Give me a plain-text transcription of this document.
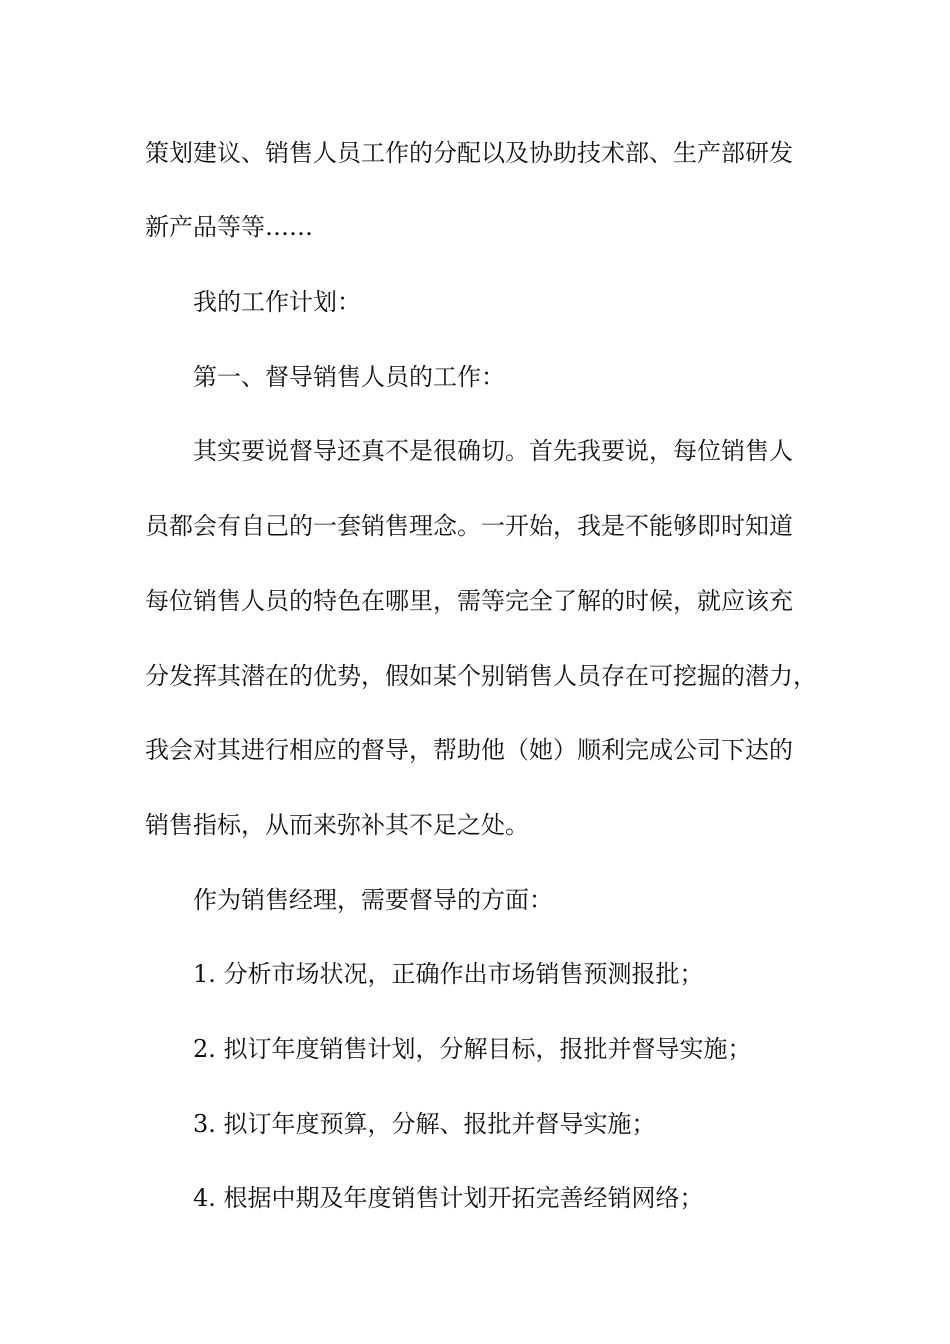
策划建议、销售人员工作的分配以及协助技术部、生产部研发

新产品等等……

我的工作计划：

第一、督导销售人员的工作：

其实要说督导还真不是很确切。首先我要说，每位销售人

员都会有自己的一套销售理念。一开始，我是不能够即时知道

每位销售人员的特色在哪里，需等完全了解的时候，就应该充

分发挥其潜在的优势，假如某个别销售人员存在可挖掘的潜力，

我会对其进行相应的督导，帮助他（她）顺利完成公司下达的

销售指标，从而来弥补其不足之处。

作为销售经理，需要督导的方面：

1. 分析市场状况，正确作出市场销售预测报批；

2. 拟订年度销售计划，分解目标，报批并督导实施；

3. 拟订年度预算，分解、报批并督导实施；

4. 根据中期及年度销售计划开拓完善经销网络；
